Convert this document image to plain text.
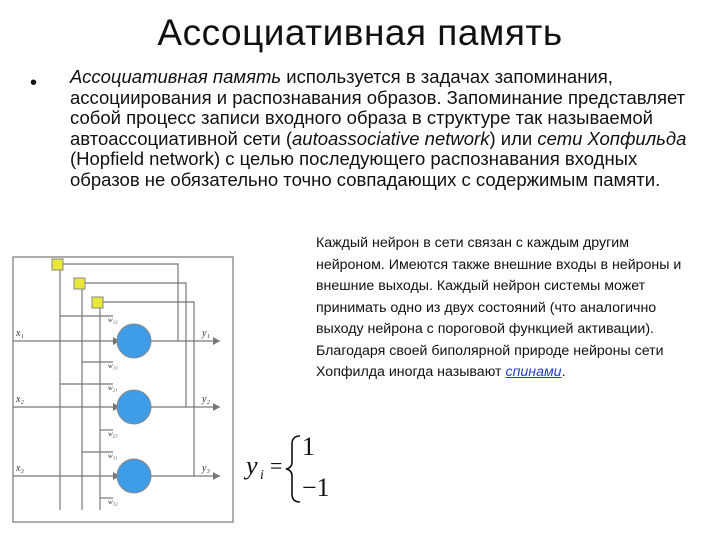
Ассоциативная память
• Ассоциативная память используется в задачах запоминания, ассоциирования и распознавания образов. Запоминание представляет собой процесс записи входного образа в структуре так называемой автоассоциативной сети (autoassociative network) или сети Хопфильда (Hopfield network) с целью последующего распознавания входных образов не обязательно точно совпадающих с содержимым памяти.
Каждый нейрон в сети связан с каждым другим нейроном. Имеются также внешние входы в нейроны и внешние выходы. Каждый нейрон системы может принимать одно из двух состояний (что аналогично выходу нейрона с пороговой функцией активации). Благодаря своей биполярной природе нейроны сети Хопфилда иногда называют спинами.
x₁
x₂
x₃
y₁
y₂
y₃
w₁₂
w₁₃
w₂₁
w₂₃
w₃₁
w₃₂
y i =
1
−1
